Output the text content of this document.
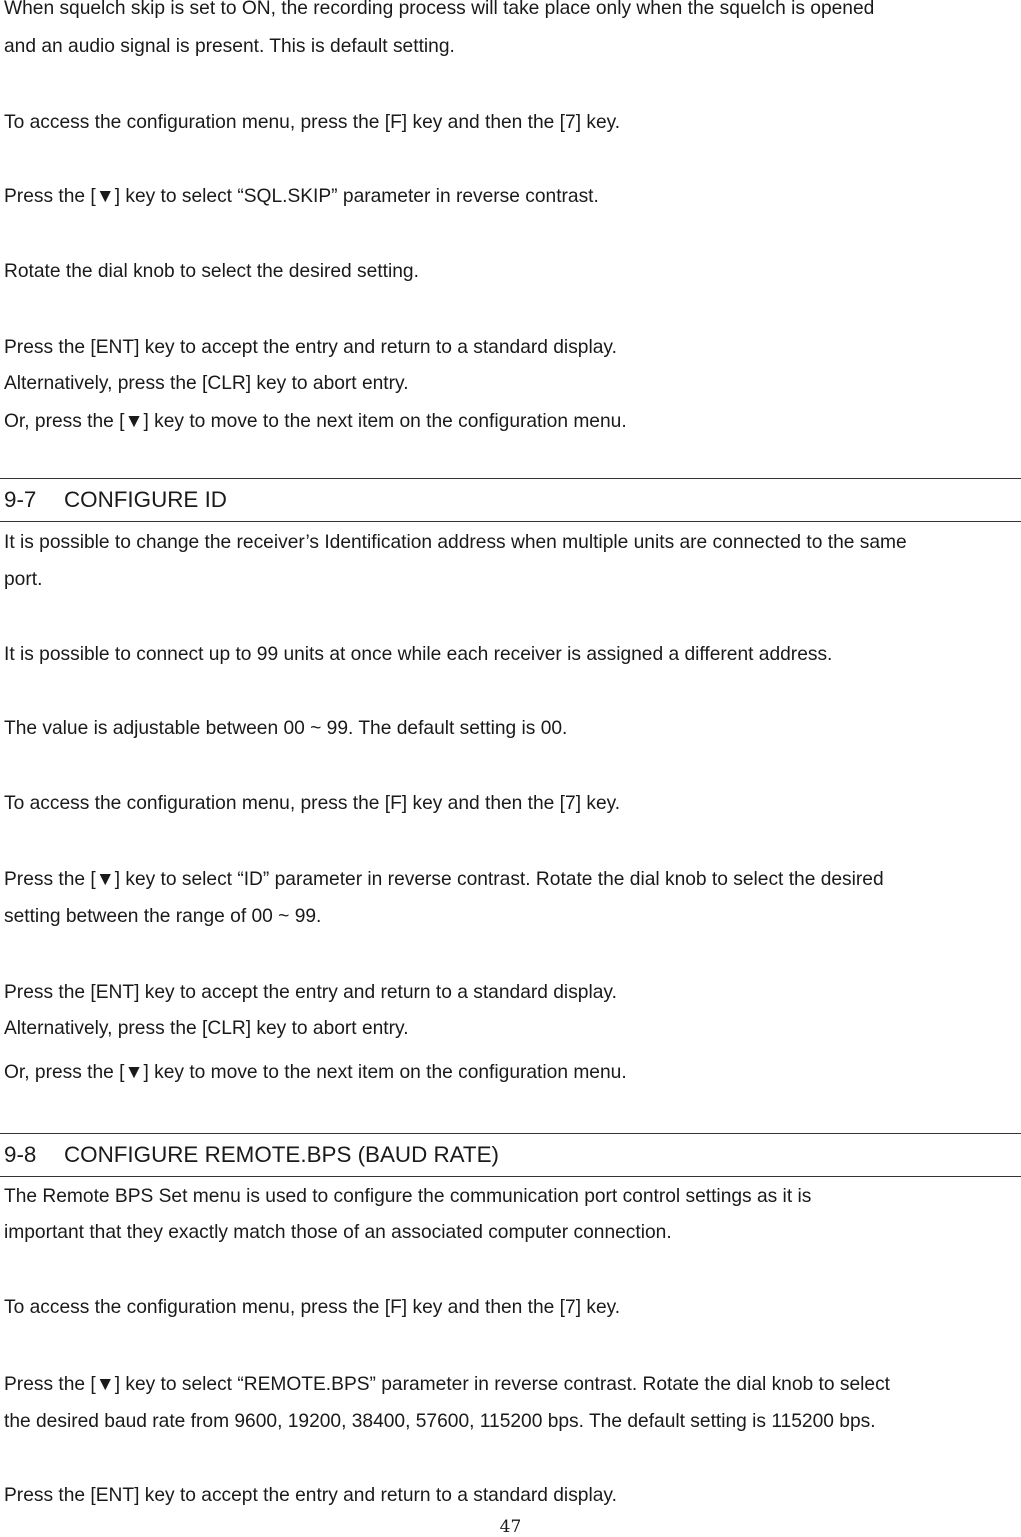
When squelch skip is set to ON, the recording process will take place only when the squelch is opened

and an audio signal is present. This is default setting.

To access the configuration menu, press the [F] key and then the [7] key.

Press the [▼] key to select “SQL.SKIP” parameter in reverse contrast.

Rotate the dial knob to select the desired setting.

Press the [ENT] key to accept the entry and return to a standard display.

Alternatively, press the [CLR] key to abort entry.

Or, press the [▼] key to move to the next item on the configuration menu.

9-7 CONFIGURE ID

It is possible to change the receiver’s Identification address when multiple units are connected to the same

port.

It is possible to connect up to 99 units at once while each receiver is assigned a different address.

The value is adjustable between 00 ~ 99. The default setting is 00.

To access the configuration menu, press the [F] key and then the [7] key.

Press the [▼] key to select “ID” parameter in reverse contrast. Rotate the dial knob to select the desired

setting between the range of 00 ~ 99.

Press the [ENT] key to accept the entry and return to a standard display.

Alternatively, press the [CLR] key to abort entry.

Or, press the [▼] key to move to the next item on the configuration menu.

9-8 CONFIGURE REMOTE.BPS (BAUD RATE)

The Remote BPS Set menu is used to configure the communication port control settings as it is

important that they exactly match those of an associated computer connection.

To access the configuration menu, press the [F] key and then the [7] key.

Press the [▼] key to select “REMOTE.BPS” parameter in reverse contrast. Rotate the dial knob to select

the desired baud rate from 9600, 19200, 38400, 57600, 115200 bps. The default setting is 115200 bps.

Press the [ENT] key to accept the entry and return to a standard display.

47
